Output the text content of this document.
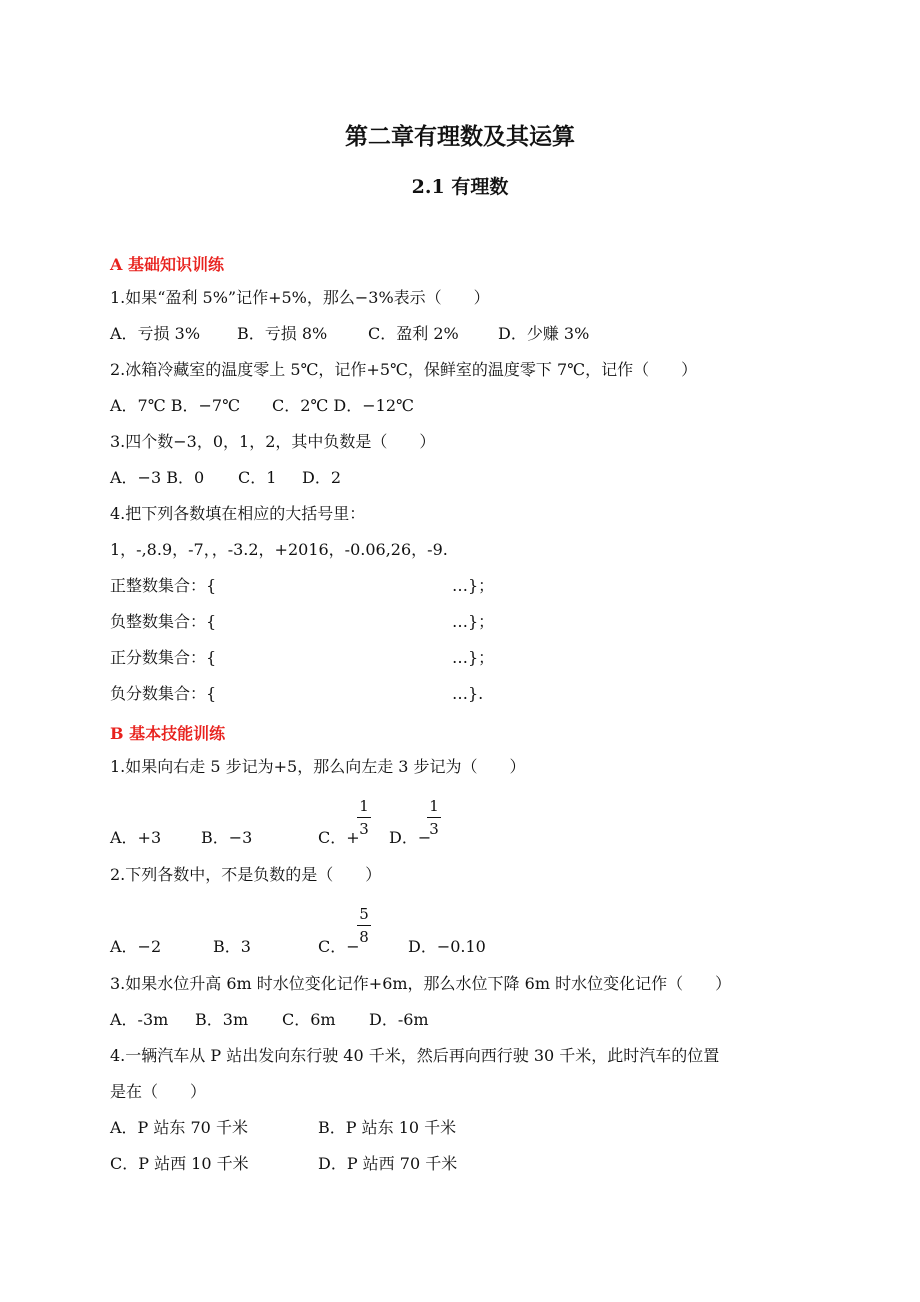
第二章有理数及其运算
2.1 有理数
A 基础知识训练
1.如果“盈利 5%”记作+5%，那么−3%表示（　　）
A．亏损 3% B．亏损 8%	C．盈利 2% D．少赚 3%
2.冰箱冷藏室的温度零上 5℃，记作+5℃，保鲜室的温度零下 7℃，记作（　　）
A．7℃ B．−7℃ C．2℃ D．−12℃
3.四个数−3，0，1，2，其中负数是（　　）
A．−3 B．0 C．1 D．2
4.把下列各数填在相应的大括号里：
1，-,8.9，-7，，-3.2，+2016，-0.06,26，-9.
正整数集合：{	…}；
负整数集合：{	…}；
正分数集合：{	…}；
负分数集合：{	…}.
B 基本技能训练
1.如果向右走 5 步记为+5，那么向左走 3 步记为（　　）
A．+3 B．−3	C．+
1
3 D．−
1
3
2.下列各数中，不是负数的是（　　）
A．−2	B．3	C．−
5
8 D．−0.10
3.如果水位升高 6m 时水位变化记作+6m，那么水位下降 6m 时水位变化记作（　　）
A．-3m B．3m C．6m D．-6m
4.一辆汽车从 P 站出发向东行驶 40 千米，然后再向西行驶 30 千米，此时汽车的位置
是在（　　）
A．P 站东 70 千米	B．P 站东 10 千米
C．P 站西 10 千米	D．P 站西 70 千米
